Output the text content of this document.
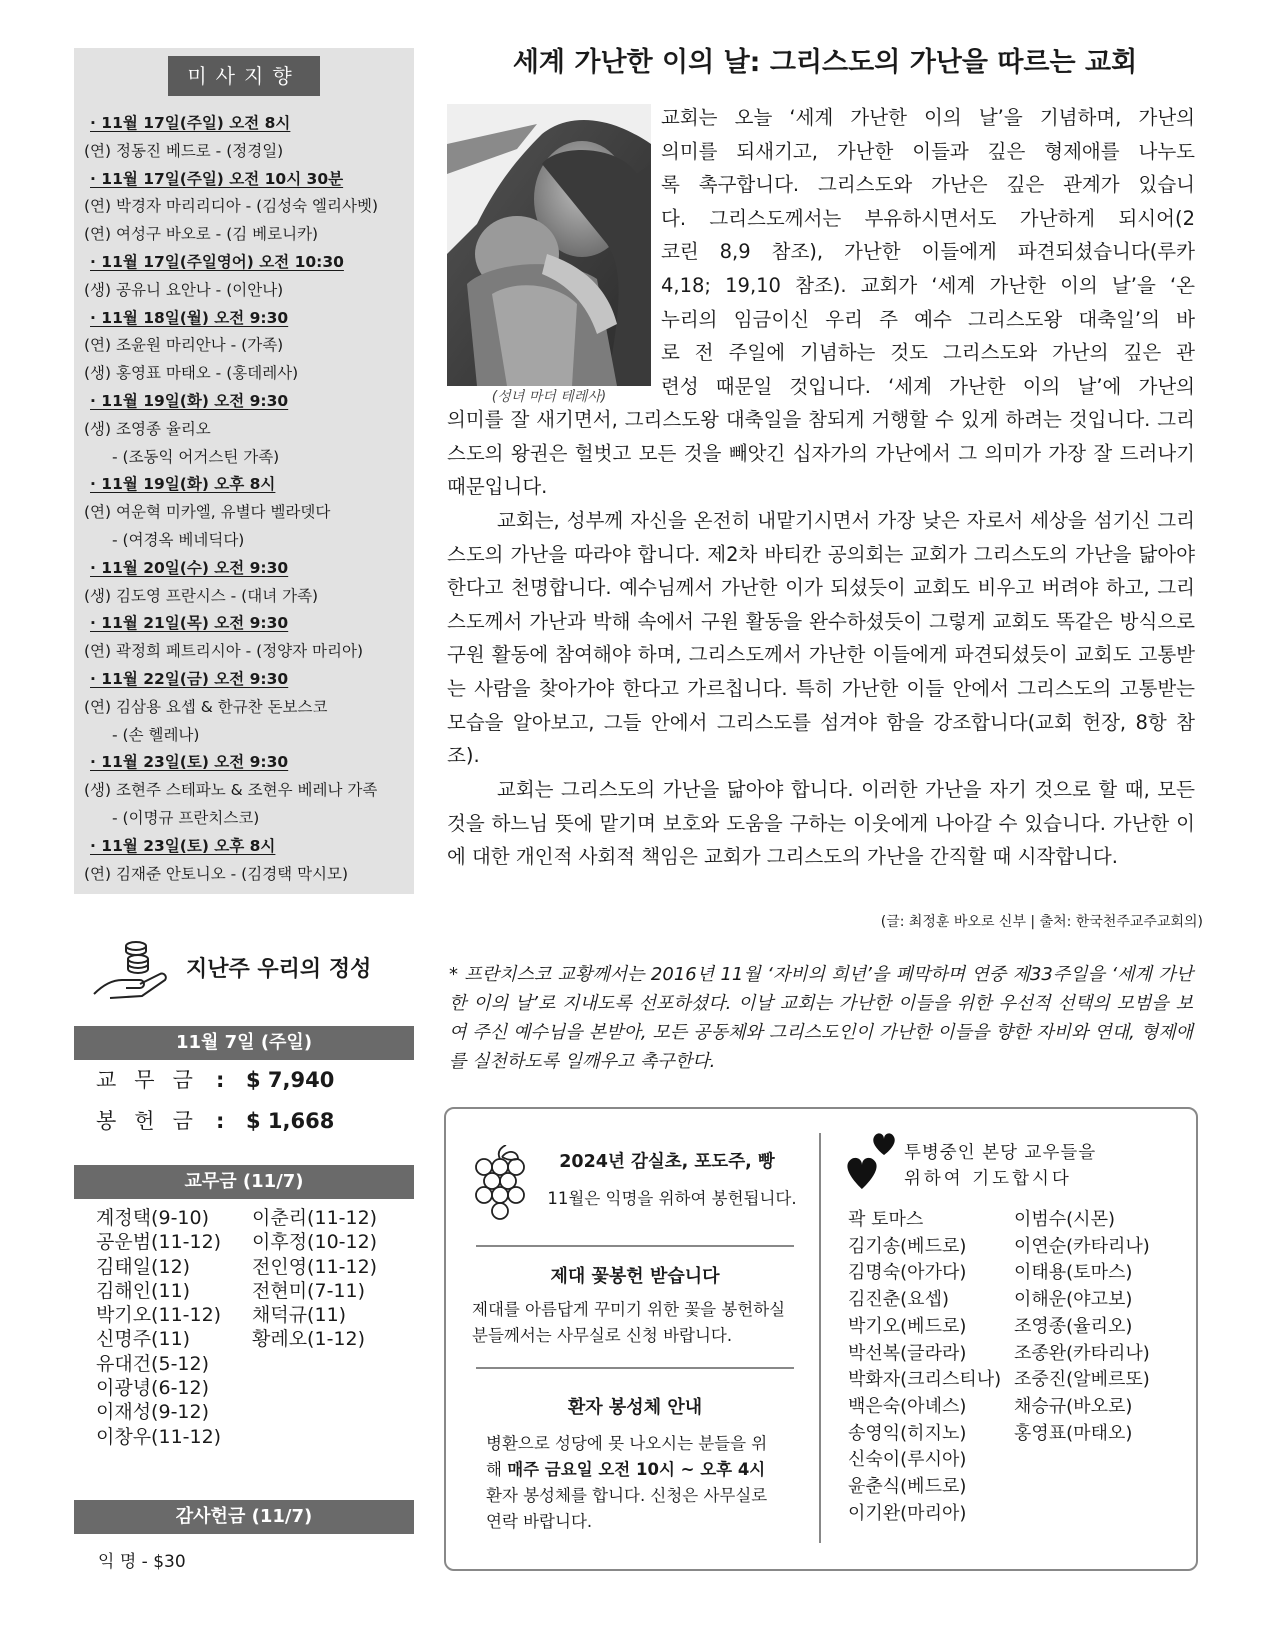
미사지향
· 11월 17일(주일) 오전 8시
(연) 정동진 베드로 - (정경일)
· 11월 17일(주일) 오전 10시 30분
(연) 박경자 마리리디아 - (김성숙 엘리사벳)
(연) 여성구 바오로 - (김 베로니카)
· 11월 17일(주일영어) 오전 10:30
(생) 공유니 요안나 - (이안나)
· 11월 18일(월) 오전 9:30
(연) 조윤원 마리안나 - (가족)
(생) 홍영표 마태오 - (홍데레사)
· 11월 19일(화) 오전 9:30
(생) 조영종 율리오
- (조동익 어거스틴 가족)
· 11월 19일(화) 오후 8시
(연) 여운혁 미카엘, 유별다 벨라뎃다
- (여경옥 베네딕다)
· 11월 20일(수) 오전 9:30
(생) 김도영 프란시스 - (대녀 가족)
· 11월 21일(목) 오전 9:30
(연) 곽정희 페트리시아 - (정양자 마리아)
· 11월 22일(금) 오전 9:30
(연) 김삼용 요셉 & 한규찬 돈보스코
- (손 헬레나)
· 11월 23일(토) 오전 9:30
(생) 조현주 스테파노 & 조현우 베레나 가족
- (이명규 프란치스코)
· 11월 23일(토) 오후 8시
(연) 김재준 안토니오 - (김경택 막시모)
지난주 우리의 정성
11월 7일 (주일)
교무금 : $ 7,940
봉헌금 : $ 1,668
교무금 (11/7)
계정택(9-10)
공운범(11-12)
김태일(12)
김해인(11)
박기오(11-12)
신명주(11)
유대건(5-12)
이광녕(6-12)
이재성(9-12)
이창우(11-12)
이춘리(11-12)
이후정(10-12)
전인영(11-12)
전현미(7-11)
채덕규(11)
황레오(1-12)
감사헌금 (11/7)
익 명 - $30
세계 가난한 이의 날: 그리스도의 가난을 따르는 교회
(성녀 마더 테레사)
교회는 오늘 ‘세계 가난한 이의 날’을 기념하며, 가난의
의미를 되새기고, 가난한 이들과 깊은 형제애를 나누도
록 촉구합니다. 그리스도와 가난은 깊은 관계가 있습니
다. 그리스도께서는 부유하시면서도 가난하게 되시어(2
코린 8,9 참조), 가난한 이들에게 파견되셨습니다(루카
4,18; 19,10 참조). 교회가 ‘세계 가난한 이의 날’을 ‘온
누리의 임금이신 우리 주 예수 그리스도왕 대축일’의 바
로 전 주일에 기념하는 것도 그리스도와 가난의 깊은 관
련성 때문일 것입니다. ‘세계 가난한 이의 날’에 가난의
의미를 잘 새기면서, 그리스도왕 대축일을 참되게 거행할 수 있게 하려는 것입니다. 그리스도의 왕권은 헐벗고 모든 것을 빼앗긴 십자가의 가난에서 그 의미가 가장 잘 드러나기 때문입니다.
교회는, 성부께 자신을 온전히 내맡기시면서 가장 낮은 자로서 세상을 섬기신 그리스도의 가난을 따라야 합니다. 제2차 바티칸 공의회는 교회가 그리스도의 가난을 닮아야 한다고 천명합니다. 예수님께서 가난한 이가 되셨듯이 교회도 비우고 버려야 하고, 그리스도께서 가난과 박해 속에서 구원 활동을 완수하셨듯이 그렇게 교회도 똑같은 방식으로 구원 활동에 참여해야 하며, 그리스도께서 가난한 이들에게 파견되셨듯이 교회도 고통받는 사람을 찾아가야 한다고 가르칩니다. 특히 가난한 이들 안에서 그리스도의 고통받는 모습을 알아보고, 그들 안에서 그리스도를 섬겨야 함을 강조합니다(교회 헌장, 8항 참조).
교회는 그리스도의 가난을 닮아야 합니다. 이러한 가난을 자기 것으로 할 때, 모든 것을 하느님 뜻에 맡기며 보호와 도움을 구하는 이웃에게 나아갈 수 있습니다. 가난한 이에 대한 개인적 사회적 책임은 교회가 그리스도의 가난을 간직할 때 시작합니다.
(글: 최정훈 바오로 신부 | 출처: 한국천주교주교회의)
* 프란치스코 교황께서는 2016년 11월 ‘자비의 희년’을 폐막하며 연중 제33주일을 ‘세계 가난한 이의 날’로 지내도록 선포하셨다. 이날 교회는 가난한 이들을 위한 우선적 선택의 모범을 보여 주신 예수님을 본받아, 모든 공동체와 그리스도인이 가난한 이들을 향한 자비와 연대, 형제애를 실천하도록 일깨우고 촉구한다.
2024년 감실초, 포도주, 빵
11월은 익명을 위하여 봉헌됩니다.
제대 꽃봉헌 받습니다
제대를 아름답게 꾸미기 위한 꽃을 봉헌하실 분들께서는 사무실로 신청 바랍니다.
환자 봉성체 안내
병환으로 성당에 못 나오시는 분들을 위해 매주 금요일 오전 10시 ~ 오후 4시 환자 봉성체를 합니다. 신청은 사무실로 연락 바랍니다.
투병중인 본당 교우들을
위하여 기도합시다
곽 토마스
김기송(베드로)
김명숙(아가다)
김진춘(요셉)
박기오(베드로)
박선복(글라라)
박화자(크리스티나)
백은숙(아녜스)
송영익(히지노)
신숙이(루시아)
윤춘식(베드로)
이기완(마리아)
이범수(시몬)
이연순(카타리나)
이태용(토마스)
이해운(야고보)
조영종(율리오)
조종완(카타리나)
조중진(알베르또)
채승규(바오로)
홍영표(마태오)
